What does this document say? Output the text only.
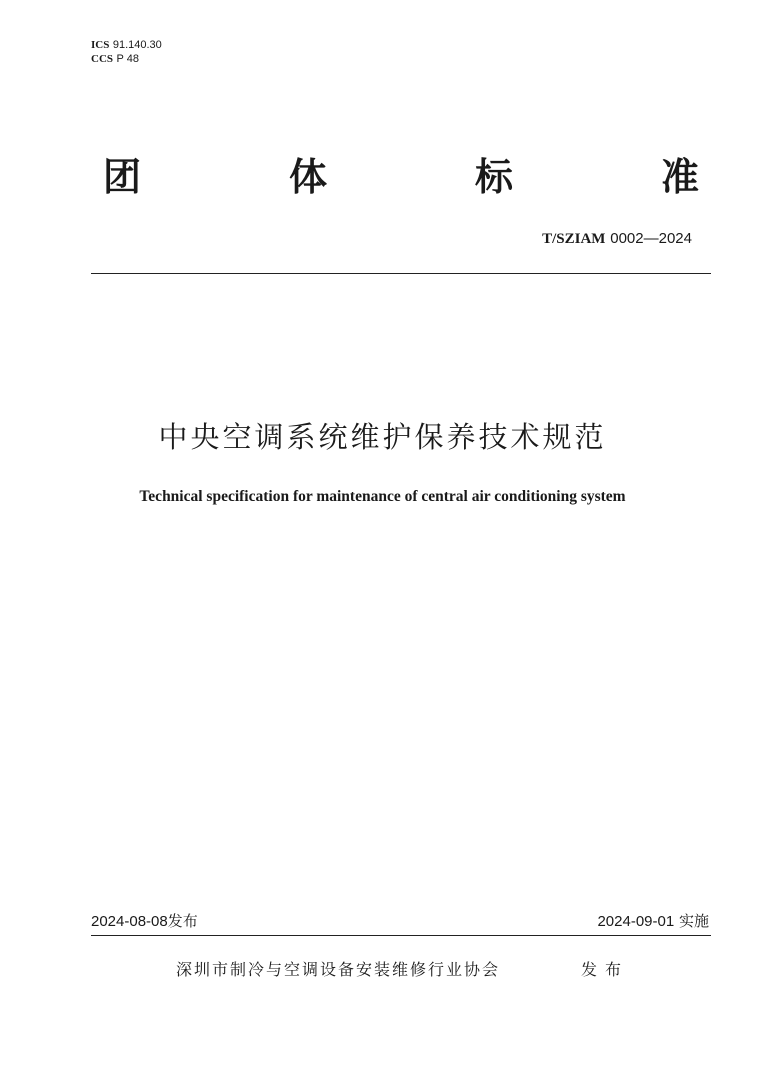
ICS 91.140.30
CCS P 48
团	体	标	准
T/SZIAM 0002—2024
中央空调系统维护保养技术规范
Technical specification for maintenance of central air conditioning system
2024-08-08发布	2024-09-01 实施
深圳市制冷与空调设备安装维修行业协会	发布
